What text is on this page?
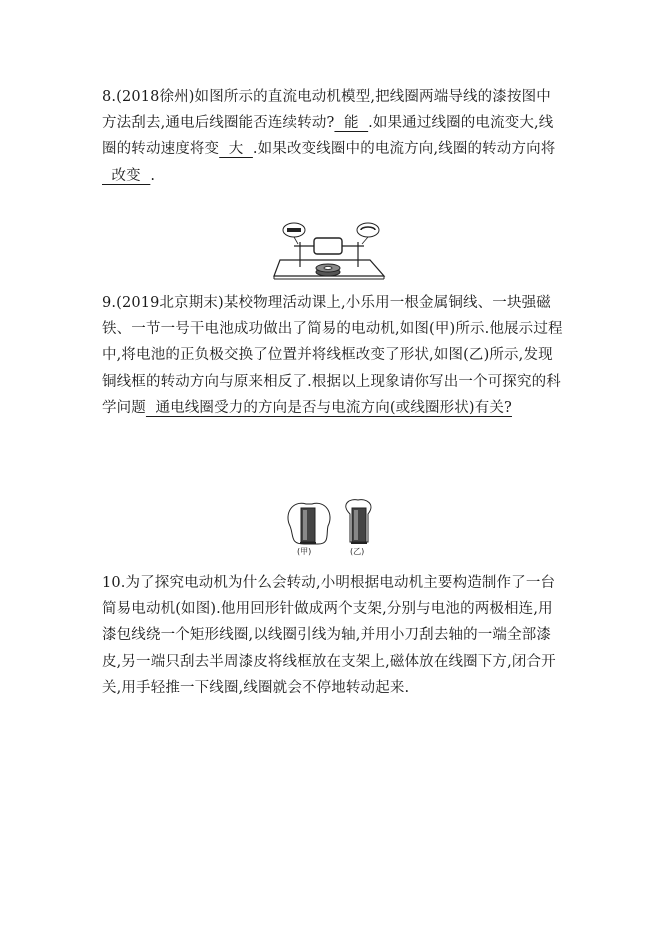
8.(2018徐州)如图所示的直流电动机模型,把线圈两端导线的漆按图中方法刮去,通电后线圈能否连续转动?  能  .如果通过线圈的电流变大,线圈的转动速度将变  大  .如果改变线圈中的电流方向,线圈的转动方向将  改变  .

9.(2019北京期末)某校物理活动课上,小乐用一根金属铜线、一块强磁铁、一节一号干电池成功做出了简易的电动机,如图(甲)所示.他展示过程中,将电池的正负极交换了位置并将线框改变了形状,如图(乙)所示,发现铜线框的转动方向与原来相反了.根据以上现象请你写出一个可探究的科学问题  通电线圈受力的方向是否与电流方向(或线圈形状)有关?

(甲)	(乙)

10.为了探究电动机为什么会转动,小明根据电动机主要构造制作了一台简易电动机(如图).他用回形针做成两个支架,分别与电池的两极相连,用漆包线绕一个矩形线圈,以线圈引线为轴,并用小刀刮去轴的一端全部漆皮,另一端只刮去半周漆皮将线框放在支架上,磁体放在线圈下方,闭合开关,用手轻推一下线圈,线圈就会不停地转动起来.
